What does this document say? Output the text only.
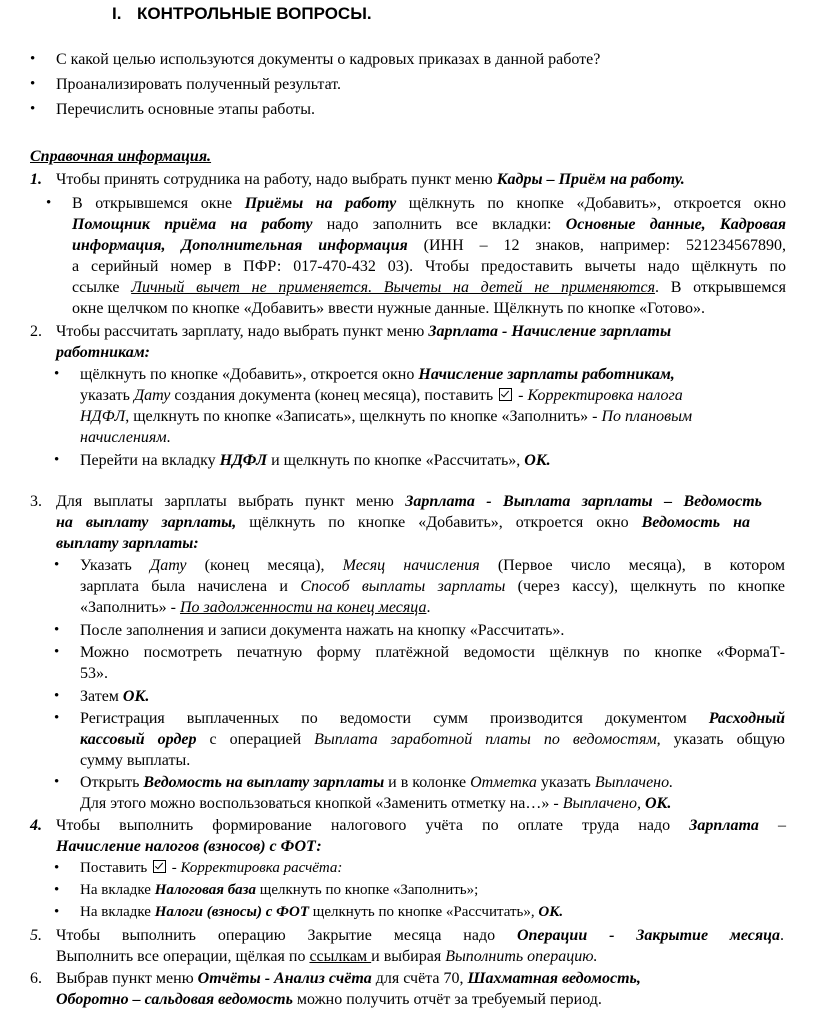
I. КОНТРОЛЬНЫЕ ВОПРОСЫ.
• С какой целью используются документы о кадровых приказах в данной работе?
• Проанализировать полученный результат.
• Перечислить основные этапы работы.
Справочная информация.
1. Чтобы принять сотрудника на работу, надо выбрать пункт меню Кадры – Приём на работу.
• В открывшемся окне Приёмы на работу щёлкнуть по кнопке «Добавить», откроется окно
Помощник приёма на работу надо заполнить все вкладки: Основные данные, Кадровая
информация, Дополнительная информация (ИНН – 12 знаков, например: 521234567890,
а серийный номер в ПФР: 017-470-432 03). Чтобы предоставить вычеты надо щёлкнуть по
ссылке Личный вычет не применяется. Вычеты на детей не применяются. В открывшемся
окне щелчком по кнопке «Добавить» ввести нужные данные. Щёлкнуть по кнопке «Готово».
2. Чтобы рассчитать зарплату, надо выбрать пункт меню Зарплата - Начисление зарплаты
работникам:
• щёлкнуть по кнопке «Добавить», откроется окно Начисление зарплаты работникам,
указать Дату создания документа (конец месяца), поставить  - Корректировка налога
НДФЛ, щелкнуть по кнопке «Записать», щелкнуть по кнопке «Заполнить» - По плановым
начислениям.
• Перейти на вкладку НДФЛ и щелкнуть по кнопке «Рассчитать», ОК.
3. Для выплаты зарплаты выбрать пункт меню Зарплата - Выплата зарплаты – Ведомость
на выплату зарплаты, щёлкнуть по кнопке «Добавить», откроется окно Ведомость на
выплату зарплаты:
• Указать Дату (конец месяца), Месяц начисления (Первое число месяца), в котором
зарплата была начислена и Способ выплаты зарплаты (через кассу), щелкнуть по кнопке
«Заполнить» - По задолженности на конец месяца.
• После заполнения и записи документа нажать на кнопку «Рассчитать».
• Можно посмотреть печатную форму платёжной ведомости щёлкнув по кнопке «ФормаТ-
53».
• Затем ОК.
• Регистрация выплаченных по ведомости сумм производится документом Расходный
кассовый ордер с операцией Выплата заработной платы по ведомостям, указать общую
сумму выплаты.
• Открыть Ведомость на выплату зарплаты и в колонке Отметка указать Выплачено.
Для этого можно воспользоваться кнопкой «Заменить отметку на…» - Выплачено, ОК.
4. Чтобы выполнить формирование налогового учёта по оплате труда надо Зарплата –
Начисление налогов (взносов) с ФОТ:
• Поставить  - Корректировка расчёта:
• На вкладке Налоговая база щелкнуть по кнопке «Заполнить»;
• На вкладке Налоги (взносы) с ФОТ щелкнуть по кнопке «Рассчитать», ОК.
5. Чтобы выполнить операцию Закрытие месяца надо Операции - Закрытие месяца.
Выполнить все операции, щёлкая по ссылкам и выбирая Выполнить операцию.
6. Выбрав пункт меню Отчёты - Анализ счёта для счёта 70, Шахматная ведомость,
Оборотно – сальдовая ведомость можно получить отчёт за требуемый период.
